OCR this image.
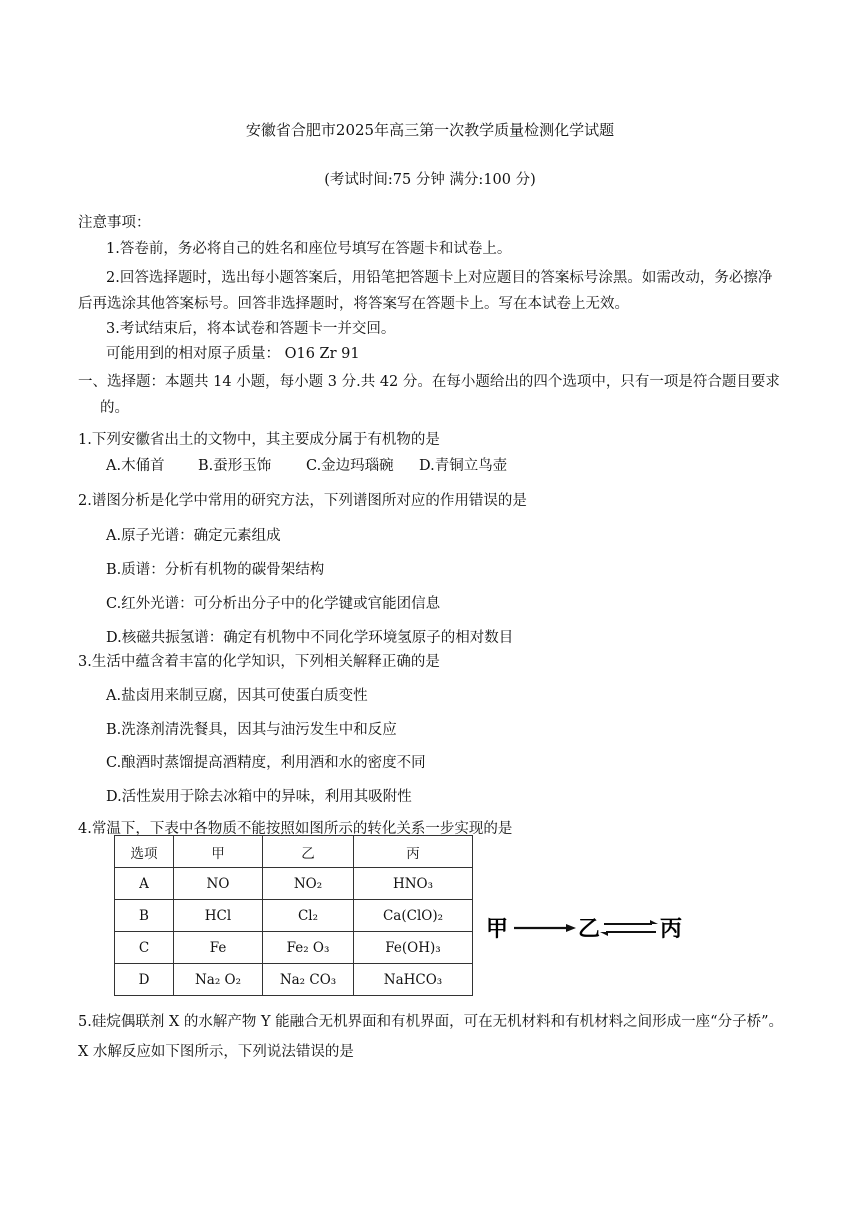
安徽省合肥市2025年高三第一次教学质量检测化学试题
(考试时间:75 分钟 满分:100 分)
注意事项：
1.答卷前，务必将自己的姓名和座位号填写在答题卡和试卷上。
2.回答选择题时，选出每小题答案后，用铅笔把答题卡上对应题目的答案标号涂黑。如需改动，务必擦净后再选涂其他答案标号。回答非选择题时，将答案写在答题卡上。写在本试卷上无效。
3.考试结束后，将本试卷和答题卡一并交回。
可能用到的相对原子质量： O16 Zr 91
一、选择题：本题共 14 小题，每小题 3 分.共 42 分。在每小题给出的四个选项中，只有一项是符合题目要求的。
1.下列安徽省出土的文物中，其主要成分属于有机物的是
A.木俑首 B.蚕形玉饰 C.金边玛瑙碗 D.青铜立鸟壶
2.谱图分析是化学中常用的研究方法，下列谱图所对应的作用错误的是
A.原子光谱：确定元素组成
B.质谱：分析有机物的碳骨架结构
C.红外光谱：可分析出分子中的化学键或官能团信息
D.核磁共振氢谱：确定有机物中不同化学环境氢原子的相对数目
3.生活中蕴含着丰富的化学知识，下列相关解释正确的是
A.盐卤用来制豆腐，因其可使蛋白质变性
B.洗涤剂清洗餐具，因其与油污发生中和反应
C.酿酒时蒸馏提高酒精度，利用酒和水的密度不同
D.活性炭用于除去冰箱中的异味，利用其吸附性
4.常温下，下表中各物质不能按照如图所示的转化关系一步实现的是
选项	甲	乙	丙
A	NO	NO₂	HNO₃
B	HCl	Cl₂	Ca(ClO)₂
C	Fe	Fe₂ O₃	Fe(OH)₃
D	Na₂ O₂	Na₂ CO₃	NaHCO₃
甲	乙	丙
5.硅烷偶联剂 X 的水解产物 Y 能融合无机界面和有机界面，可在无机材料和有机材料之间形成一座“分子桥”。X 水解反应如下图所示，下列说法错误的是
